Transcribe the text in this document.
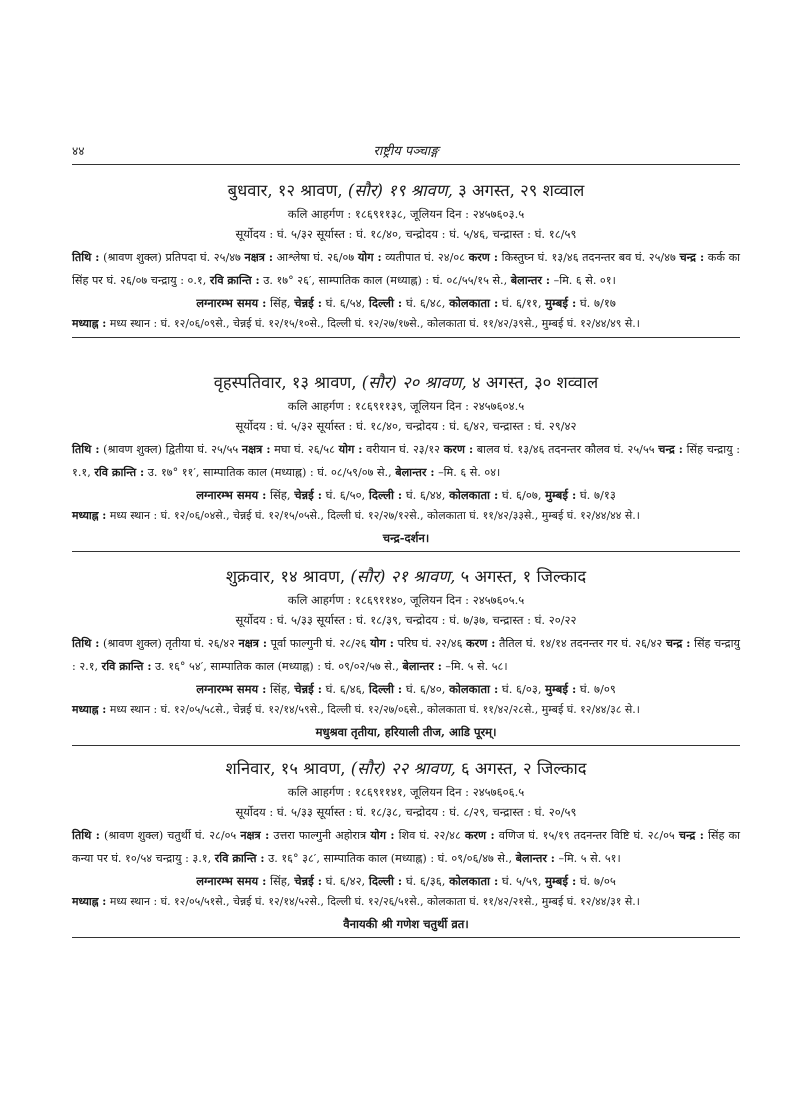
४४	राष्ट्रीय पञ्चाङ्ग
बुधवार, १२ श्रावण, (सौर) १९ श्रावण, ३ अगस्त, २९ शव्वाल
कलि आहर्गण : १८६९११३८, जूलियन दिन : २४५७६०३.५
सूर्योदय : घं. ५/३२ सूर्यास्त : घं. १८/४०, चन्द्रोदय : घं. ५/४६, चन्द्रास्त : घं. १८/५९

तिथि : (श्रावण शुक्ल) प्रतिपदा घं. २५/४७ नक्षत्र : आश्लेषा घं. २६/०७ योग : व्यतीपात घं. २४/०८ करण : किस्तुघ्न घं. १३/४६ तदनन्तर बव घं. २५/४७ चन्द्र : कर्क का सिंह पर घं. २६/०७ चन्द्रायु : ०.१, रवि क्रान्ति : उ. १७° २६′, साम्पातिक काल (मध्याह्न) : घं. ०८/५५/१५ से., बेलान्तर : –मि. ६ से. ०१।

लग्नारम्भ समय : सिंह, चेन्नई : घं. ६/५४, दिल्ली : घं. ६/४८, कोलकाता : घं. ६/११, मुम्बई : घं. ७/१७
मध्याह्न : मध्य स्थान : घं. १२/०६/०९से., चेन्नई घं. १२/१५/१०से., दिल्ली घं. १२/२७/१७से., कोलकाता घं. ११/४२/३९से., मुम्बई घं. १२/४४/४९ से.।
वृहस्पतिवार, १३ श्रावण, (सौर) २० श्रावण, ४ अगस्त, ३० शव्वाल
कलि आहर्गण : १८६९११३९, जूलियन दिन : २४५७६०४.५
सूर्योदय : घं. ५/३२ सूर्यास्त : घं. १८/४०, चन्द्रोदय : घं. ६/४२, चन्द्रास्त : घं. २९/४२

तिथि : (श्रावण शुक्ल) द्वितीया घं. २५/५५ नक्षत्र : मघा घं. २६/५८ योग : वरीयान घं. २३/१२ करण : बालव घं. १३/४६ तदनन्तर कौलव घं. २५/५५ चन्द्र : सिंह चन्द्रायु : १.१, रवि क्रान्ति : उ. १७° ११′, साम्पातिक काल (मध्याह्न) : घं. ०८/५९/०७ से., बेलान्तर : –मि. ६ से. ०४।

लग्नारम्भ समय : सिंह, चेन्नई : घं. ६/५०, दिल्ली : घं. ६/४४, कोलकाता : घं. ६/०७, मुम्बई : घं. ७/१३
मध्याह्न : मध्य स्थान : घं. १२/०६/०४से., चेन्नई घं. १२/१५/०५से., दिल्ली घं. १२/२७/१२से., कोलकाता घं. ११/४२/३३से., मुम्बई घं. १२/४४/४४ से.।
चन्द्र-दर्शन।
शुक्रवार, १४ श्रावण, (सौर) २१ श्रावण, ५ अगस्त, १ जिल्काद
कलि आहर्गण : १८६९११४०, जूलियन दिन : २४५७६०५.५
सूर्योदय : घं. ५/३३ सूर्यास्त : घं. १८/३९, चन्द्रोदय : घं. ७/३७, चन्द्रास्त : घं. २०/२२

तिथि : (श्रावण शुक्ल) तृतीया घं. २६/४२ नक्षत्र : पूर्वा फाल्गुनी घं. २८/२६ योग : परिघ घं. २२/४६ करण : तैतिल घं. १४/१४ तदनन्तर गर घं. २६/४२ चन्द्र : सिंह चन्द्रायु : २.१, रवि क्रान्ति : उ. १६° ५४′, साम्पातिक काल (मध्याह्न) : घं. ०९/०२/५७ से., बेलान्तर : –मि. ५ से. ५८।

लग्नारम्भ समय : सिंह, चेन्नई : घं. ६/४६, दिल्ली : घं. ६/४०, कोलकाता : घं. ६/०३, मुम्बई : घं. ७/०९
मध्याह्न : मध्य स्थान : घं. १२/०५/५८से., चेन्नई घं. १२/१४/५९से., दिल्ली घं. १२/२७/०६से., कोलकाता घं. ११/४२/२८से., मुम्बई घं. १२/४४/३८ से.।
मधुश्रवा तृतीया, हरियाली तीज, आडि पूरम्।
शनिवार, १५ श्रावण, (सौर) २२ श्रावण, ६ अगस्त, २ जिल्काद
कलि आहर्गण : १८६९११४१, जूलियन दिन : २४५७६०६.५
सूर्योदय : घं. ५/३३ सूर्यास्त : घं. १८/३८, चन्द्रोदय : घं. ८/२९, चन्द्रास्त : घं. २०/५९

तिथि : (श्रावण शुक्ल) चतुर्थी घं. २८/०५ नक्षत्र : उत्तरा फाल्गुनी अहोरात्र योग : शिव घं. २२/४८ करण : वणिज घं. १५/१९ तदनन्तर विष्टि घं. २८/०५ चन्द्र : सिंह का कन्या पर घं. १०/५४ चन्द्रायु : ३.१, रवि क्रान्ति : उ. १६° ३८′, साम्पातिक काल (मध्याह्न) : घं. ०९/०६/४७ से., बेलान्तर : –मि. ५ से. ५१।

लग्नारम्भ समय : सिंह, चेन्नई : घं. ६/४२, दिल्ली : घं. ६/३६, कोलकाता : घं. ५/५९, मुम्बई : घं. ७/०५
मध्याह्न : मध्य स्थान : घं. १२/०५/५१से., चेन्नई घं. १२/१४/५२से., दिल्ली घं. १२/२६/५१से., कोलकाता घं. ११/४२/२१से., मुम्बई घं. १२/४४/३१ से.।
वैनायकी श्री गणेश चतुर्थी व्रत।
